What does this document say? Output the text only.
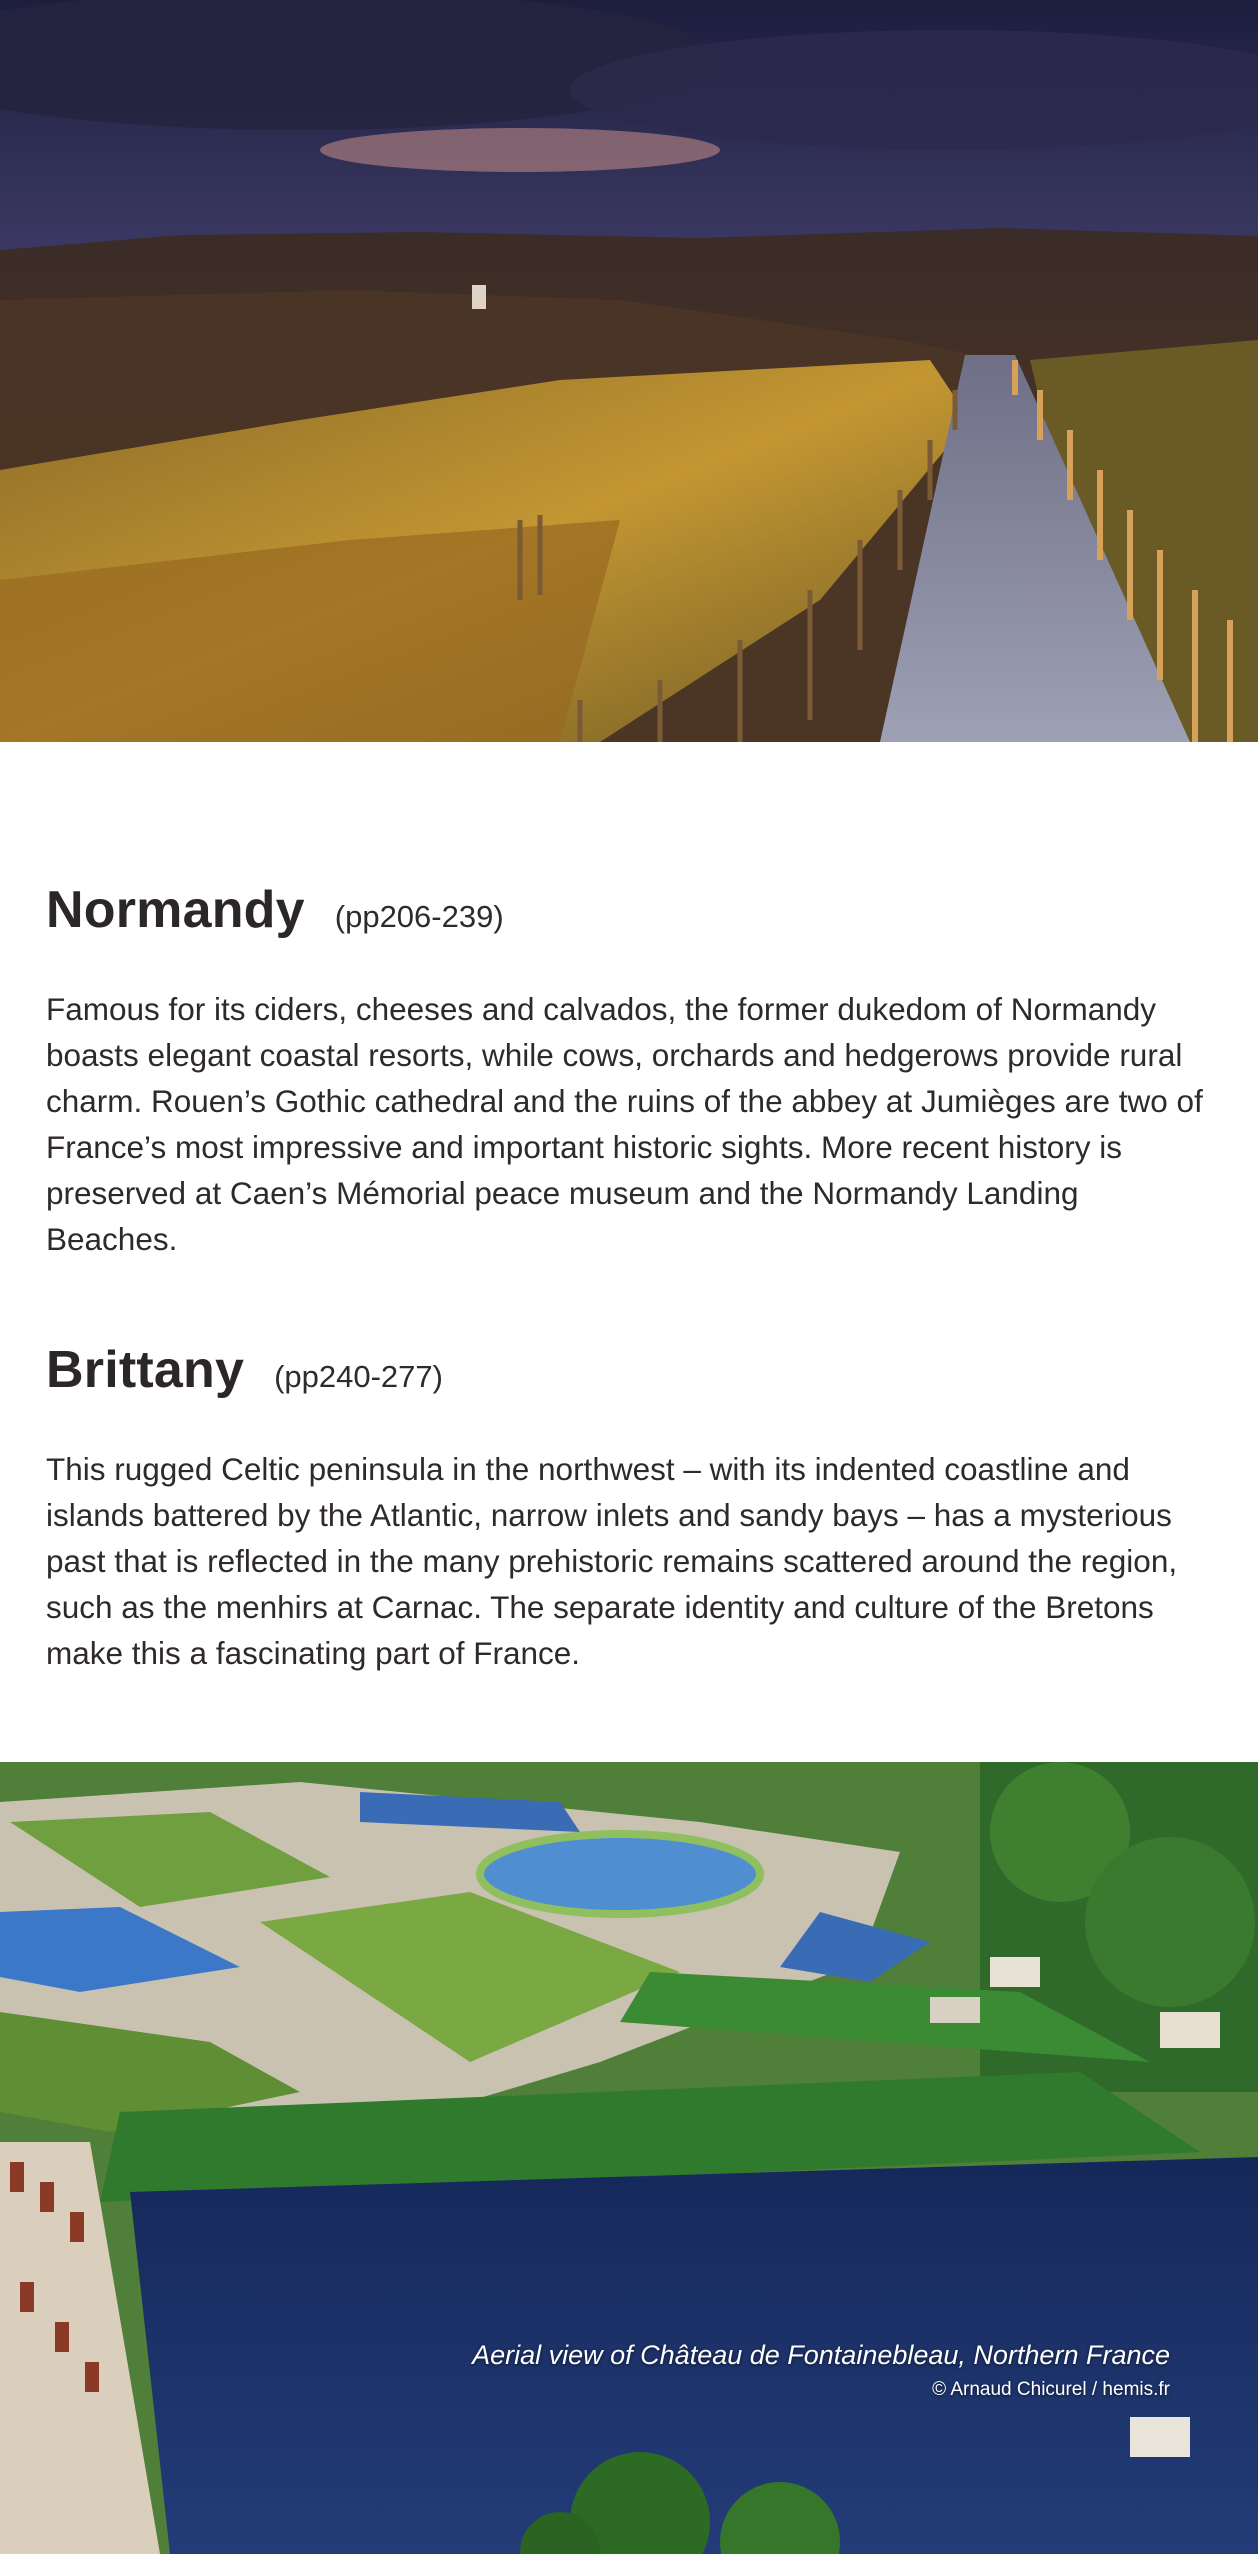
Normandy (pp206-239)

Famous for its ciders, cheeses and calvados, the former dukedom of Normandy boasts elegant coastal resorts, while cows, orchards and hedgerows provide rural charm. Rouen’s Gothic cathedral and the ruins of the abbey at Jumièges are two of France’s most impressive and important historic sights. More recent history is preserved at Caen’s Mémorial peace museum and the Normandy Landing Beaches.

Brittany (pp240-277)

This rugged Celtic peninsula in the northwest – with its indented coastline and islands battered by the Atlantic, narrow inlets and sandy bays – has a mysterious past that is reflected in the many prehistoric remains scattered around the region, such as the menhirs at Carnac. The separate identity and culture of the Bretons make this a fascinating part of France.

Aerial view of Château de Fontainebleau, Northern France
© Arnaud Chicurel / hemis.fr
